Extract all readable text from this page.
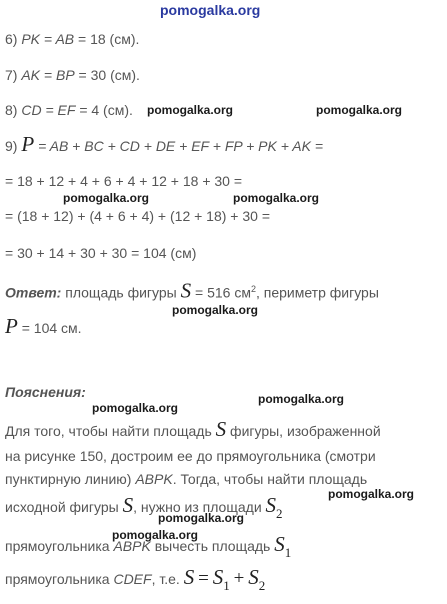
pomogalka.org
6) PK = AB = 18 (см).
7) AK = BP = 30 (см).
8) CD = EF = 4 (см). pomogalka.org	pomogalka.org
9) P = AB + BC + CD + DE + EF + FP + PK + AK =
= 18 + 12 + 4 + 6 + 4 + 12 + 18 + 30 =
pomogalka.org	pomogalka.org
= (18 + 12) + (4 + 6 + 4) + (12 + 18) + 30 =
= 30 + 14 + 30 + 30 = 104 (см)
Ответ: площадь фигуры S = 516 $см^2$, периметр фигуры
pomogalka.org
P = 104 см.
Пояснения:	pomogalka.org
pomogalka.org
Для того, чтобы найти площадь S фигуры, изображенной
на рисунке 150, достроим ее до прямоугольника (смотри
пунктирную линию) ABPK. Тогда, чтобы найти площадь
pomogalka.org
исходной фигуры S, нужно из площади S2
pomogalka.org
прямоугольника ABPK вычесть площадь S1
прямоугольника CDEF, т.е. S = S1 + S2
pomogalka.org
